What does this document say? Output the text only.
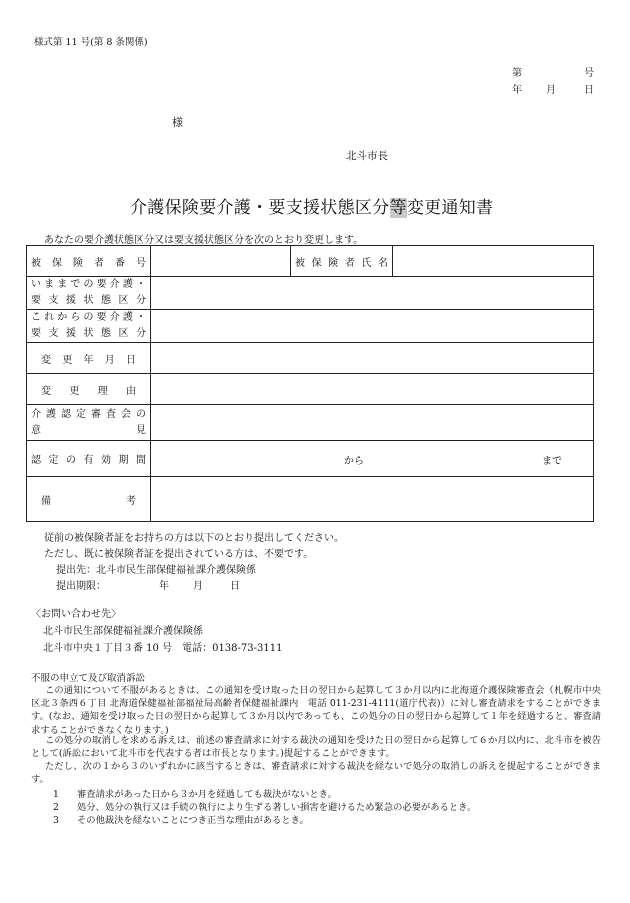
様式第 11 号(第 8 条関係)
第	号
年 月	日
様
北斗市長
介護保険要介護・要支援状態区分等変更通知書
あなたの要介護状態区分又は要支援状態区分を次のとおり変更します。
被 保 険 者 番 号		被保険者氏名	

いままでの要介護・
要 支 援 状 態 区 分			

これからの要介護・
要 支 援 状 態 区 分			

変 更 年 月 日			

変 更 理 由			

介護認定審査会の
意 見			

認 定 の 有 効 期 間	から まで		

備 考			

従前の被保険者証をお持ちの方は以下のとおり提出してください。
ただし、既に被保険者証を提出されている方は、不要です。
提出先：北斗市民生部保健福祉課介護保険係
提出期限：	年 月	日
〈お問い合わせ先〉
北斗市民生部保健福祉課介護保険係
北斗市中央１丁目３番 10 号　電話：0138-73-3111
不服の申立て及び取消訴訟
この通知について不服があるときは、この通知を受け取った日の翌日から起算して３か月以内に北海道介護保険審査会（札幌市中央区北３条西６丁目 北海道保健福祉部福祉局高齢者保健福祉課内　電話 011-231-4111(道庁代表)）に対し審査請求をすることができます。(なお、通知を受け取った日の翌日から起算して３か月以内であっても、この処分の日の翌日から起算して１年を経過すると、審査請求することができなくなります。)
この処分の取消しを求める訴えは、前述の審査請求に対する裁決の通知を受けた日の翌日から起算して６か月以内に、北斗市を被告として(訴訟において北斗市を代表する者は市長となります。)提起することができます。
ただし、次の１から３のいずれかに該当するときは、審査請求に対する裁決を経ないで処分の取消しの訴えを提起することができます。
1 審査請求があった日から３か月を経過しても裁決がないとき。
2 処分、処分の執行又は手続の執行により生ずる著しい損害を避けるため緊急の必要があるとき。
3 その他裁決を経ないことにつき正当な理由があるとき。
